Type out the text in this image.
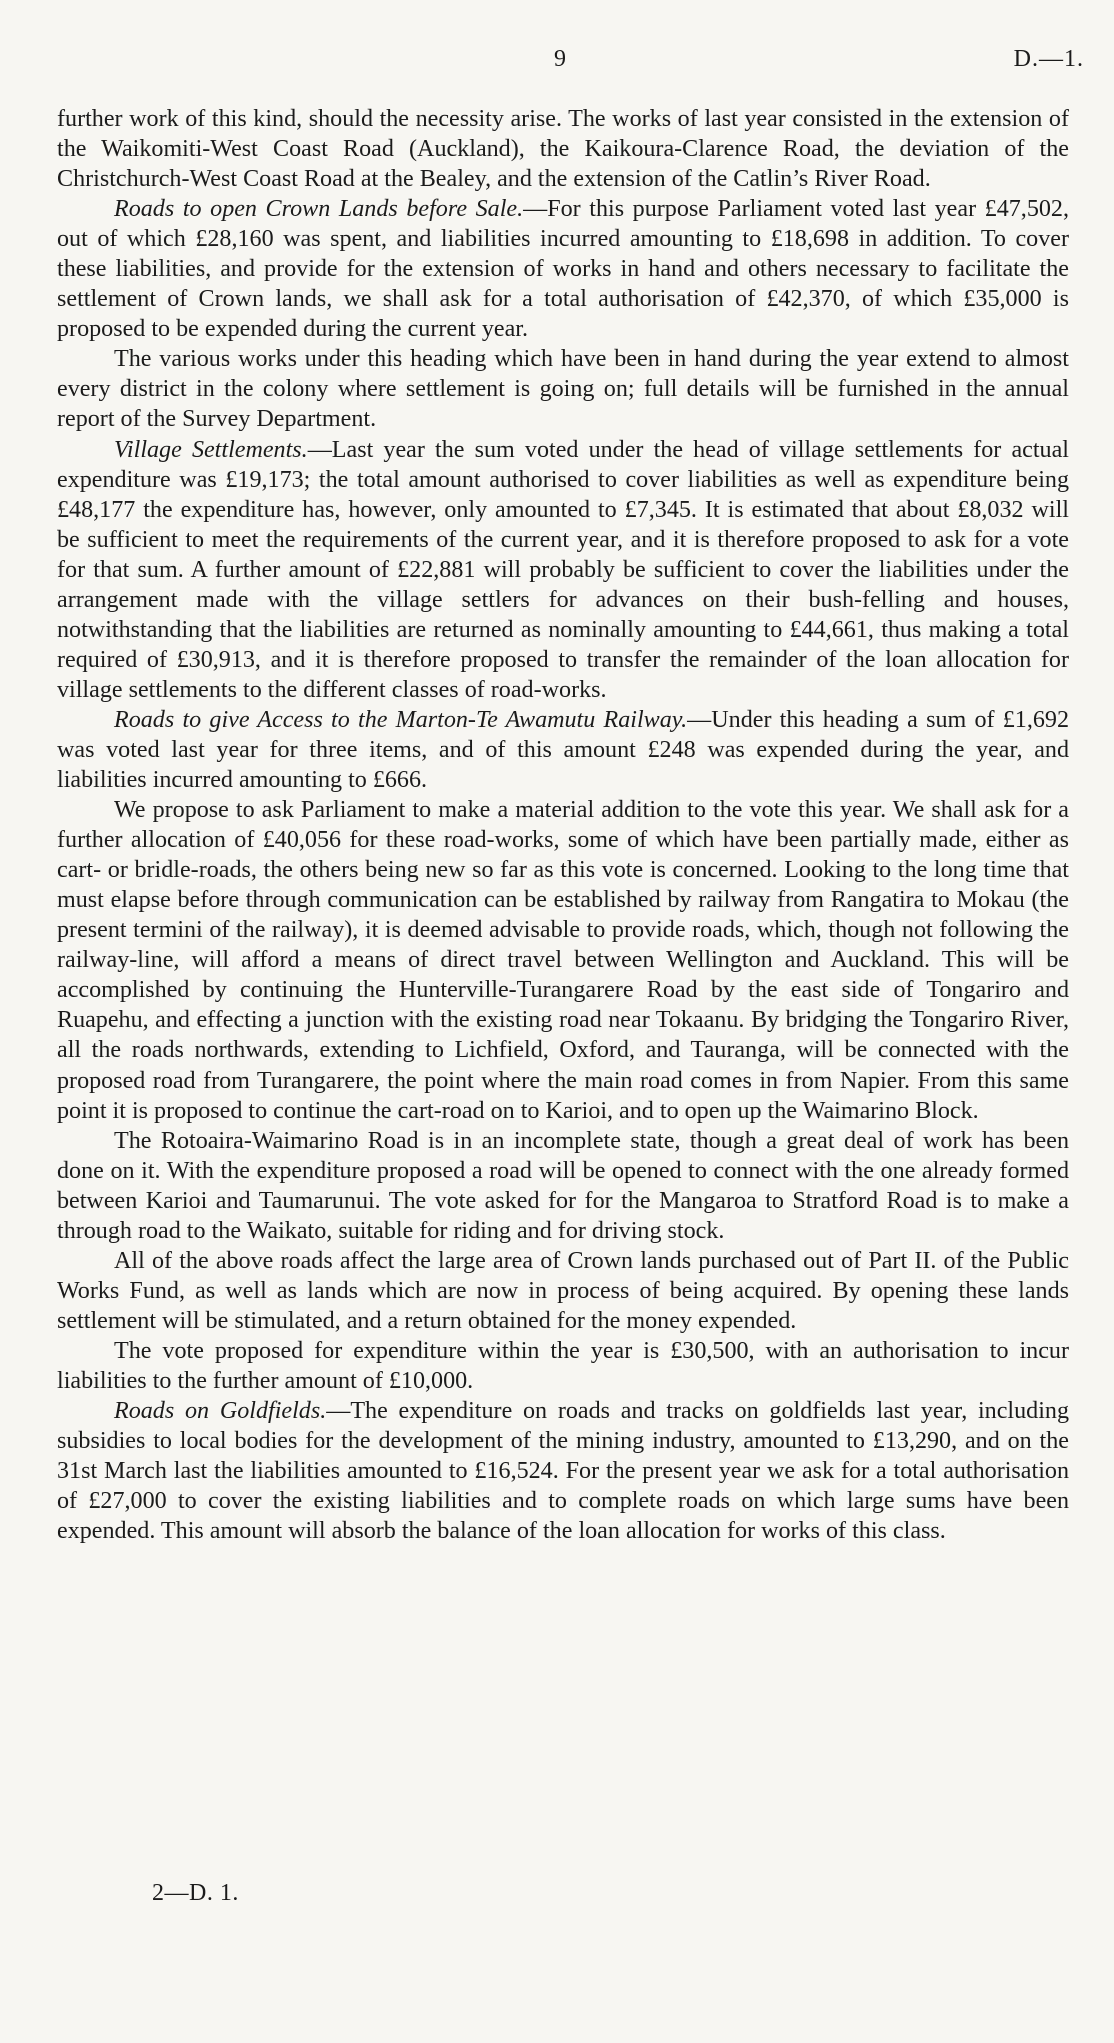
9	D.—1.

further work of this kind, should the necessity arise. The works of last year consisted in the extension of the Waikomiti-West Coast Road (Auckland), the Kaikoura-Clarence Road, the deviation of the Christchurch-West Coast Road at the Bealey, and the extension of the Catlin’s River Road.

Roads to open Crown Lands before Sale.—For this purpose Parliament voted last year £47,502, out of which £28,160 was spent, and liabilities incurred amounting to £18,698 in addition. To cover these liabilities, and provide for the extension of works in hand and others necessary to facilitate the settlement of Crown lands, we shall ask for a total authorisation of £42,370, of which £35,000 is proposed to be expended during the current year.

The various works under this heading which have been in hand during the year extend to almost every district in the colony where settlement is going on; full details will be furnished in the annual report of the Survey Department.

Village Settlements.—Last year the sum voted under the head of village settlements for actual expenditure was £19,173; the total amount authorised to cover liabilities as well as expenditure being £48,177 the expenditure has, however, only amounted to £7,345. It is estimated that about £8,032 will be sufficient to meet the requirements of the current year, and it is therefore proposed to ask for a vote for that sum. A further amount of £22,881 will probably be sufficient to cover the liabilities under the arrangement made with the village settlers for advances on their bush-felling and houses, notwithstanding that the liabilities are returned as nominally amounting to £44,661, thus making a total required of £30,913, and it is therefore proposed to transfer the remainder of the loan allocation for village settlements to the different classes of road-works.

Roads to give Access to the Marton-Te Awamutu Railway.—Under this heading a sum of £1,692 was voted last year for three items, and of this amount £248 was expended during the year, and liabilities incurred amounting to £666.

We propose to ask Parliament to make a material addition to the vote this year. We shall ask for a further allocation of £40,056 for these road-works, some of which have been partially made, either as cart- or bridle-roads, the others being new so far as this vote is concerned. Looking to the long time that must elapse before through communication can be established by railway from Rangatira to Mokau (the present termini of the railway), it is deemed advisable to provide roads, which, though not following the railway-line, will afford a means of direct travel between Wellington and Auckland. This will be accomplished by continuing the Hunterville-Turangarere Road by the east side of Tongariro and Ruapehu, and effecting a junction with the existing road near Tokaanu. By bridging the Tongariro River, all the roads northwards, extending to Lichfield, Oxford, and Tauranga, will be connected with the proposed road from Turangarere, the point where the main road comes in from Napier. From this same point it is proposed to continue the cart-road on to Karioi, and to open up the Waimarino Block.

The Rotoaira-Waimarino Road is in an incomplete state, though a great deal of work has been done on it. With the expenditure proposed a road will be opened to connect with the one already formed between Karioi and Taumarunui. The vote asked for for the Mangaroa to Stratford Road is to make a through road to the Waikato, suitable for riding and for driving stock.

All of the above roads affect the large area of Crown lands purchased out of Part II. of the Public Works Fund, as well as lands which are now in process of being acquired. By opening these lands settlement will be stimulated, and a return obtained for the money expended.

The vote proposed for expenditure within the year is £30,500, with an authorisation to incur liabilities to the further amount of £10,000.

Roads on Goldfields.—The expenditure on roads and tracks on goldfields last year, including subsidies to local bodies for the development of the mining industry, amounted to £13,290, and on the 31st March last the liabilities amounted to £16,524. For the present year we ask for a total authorisation of £27,000 to cover the existing liabilities and to complete roads on which large sums have been expended. This amount will absorb the balance of the loan allocation for works of this class.

2—D. 1.
